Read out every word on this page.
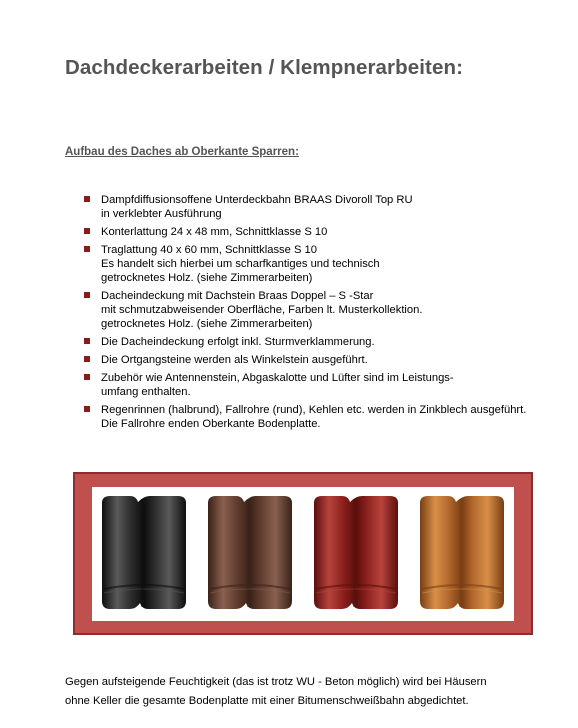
Dachdeckerarbeiten / Klempnerarbeiten:
Aufbau des Daches ab Oberkante Sparren:
Dampfdiffusionsoffene Unterdeckbahn BRAAS Divoroll Top RU
in verklebter Ausführung
Konterlattung 24 x 48 mm, Schnittklasse S 10
Traglattung 40 x 60 mm, Schnittklasse S 10
Es handelt sich hierbei um scharfkantiges und technisch
getrocknetes Holz. (siehe Zimmerarbeiten)
Dacheindeckung mit Dachstein Braas Doppel – S -Star
mit schmutzabweisender Oberfläche, Farben lt. Musterkollektion.
getrocknetes Holz. (siehe Zimmerarbeiten)
Die Dacheindeckung erfolgt inkl. Sturmverklammerung.
Die Ortgangsteine werden als Winkelstein ausgeführt.
Zubehör wie Antennenstein, Abgaskalotte und Lüfter sind im Leistungs-
umfang enthalten.
Regenrinnen (halbrund), Fallrohre (rund), Kehlen etc. werden in Zinkblech ausgeführt.
Die Fallrohre enden Oberkante Bodenplatte.
Gegen aufsteigende Feuchtigkeit (das ist trotz WU - Beton möglich) wird bei Häusern
ohne Keller die gesamte Bodenplatte mit einer Bitumenschweißbahn abgedichtet.
